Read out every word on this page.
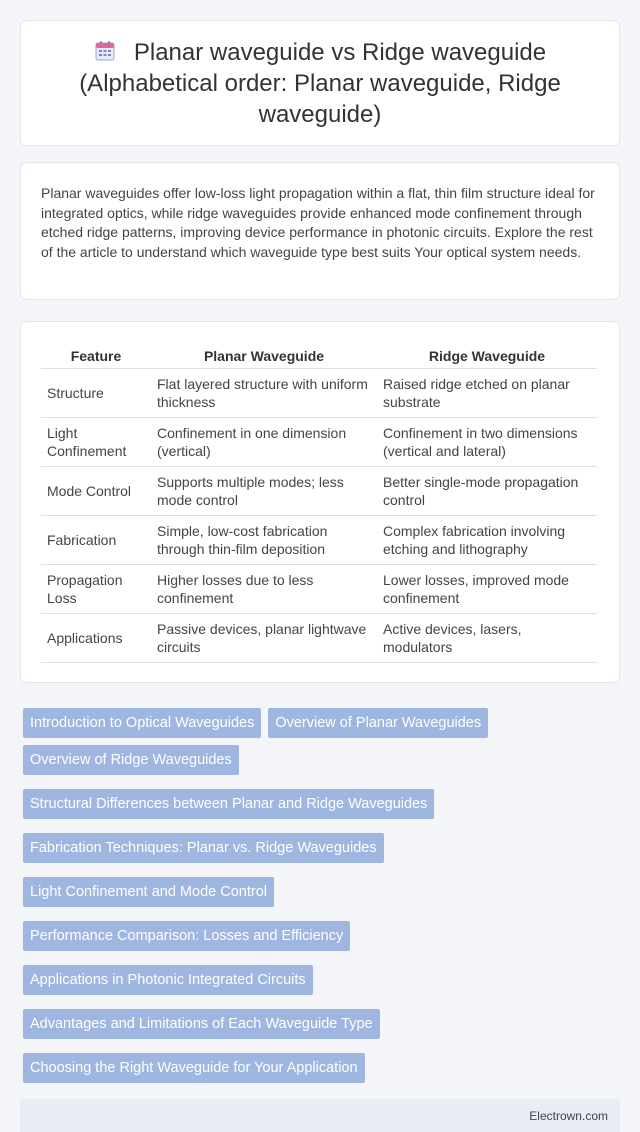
Planar waveguide vs Ridge waveguide (Alphabetical order: Planar waveguide, Ridge waveguide)

Planar waveguides offer low-loss light propagation within a flat, thin film structure ideal for integrated optics, while ridge waveguides provide enhanced mode confinement through etched ridge patterns, improving device performance in photonic circuits. Explore the rest of the article to understand which waveguide type best suits Your optical system needs.

Feature	Planar Waveguide	Ridge Waveguide
Structure	Flat layered structure with uniform thickness	Raised ridge etched on planar substrate
Light Confinement	Confinement in one dimension (vertical)	Confinement in two dimensions (vertical and lateral)
Mode Control	Supports multiple modes; less mode control	Better single-mode propagation control
Fabrication	Simple, low-cost fabrication through thin-film deposition	Complex fabrication involving etching and lithography
Propagation Loss	Higher losses due to less confinement	Lower losses, improved mode confinement
Applications	Passive devices, planar lightwave circuits	Active devices, lasers, modulators
Introduction to Optical Waveguides	Overview of Planar Waveguides
Overview of Ridge Waveguides
Structural Differences between Planar and Ridge Waveguides
Fabrication Techniques: Planar vs. Ridge Waveguides
Light Confinement and Mode Control
Performance Comparison: Losses and Efficiency
Applications in Photonic Integrated Circuits
Advantages and Limitations of Each Waveguide Type
Choosing the Right Waveguide for Your Application
Electrown.com
